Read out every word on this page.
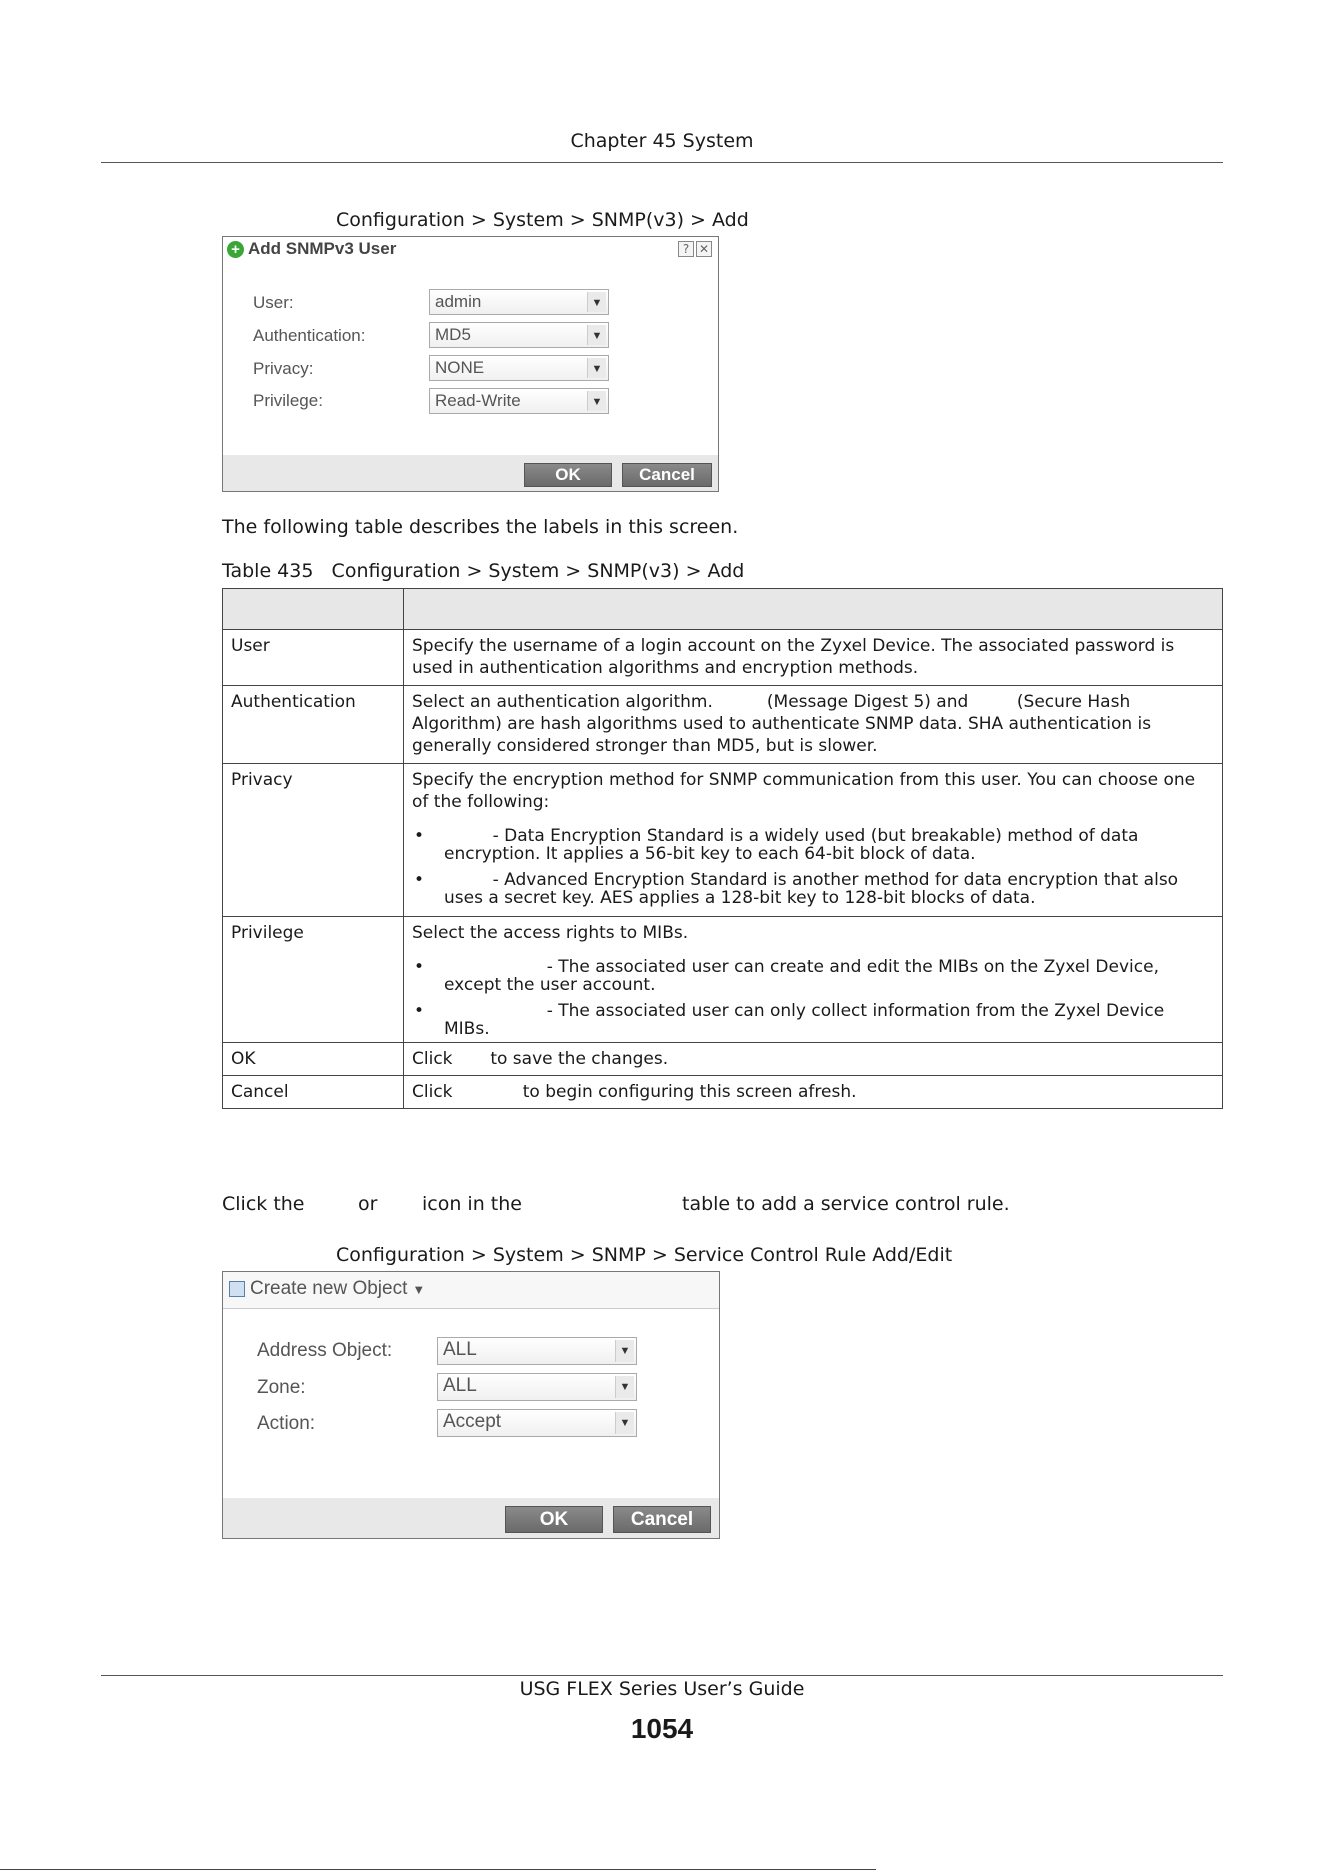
Chapter 45 System
Configuration > System > SNMP(v3) > Add
+ Add SNMPv3 User	? ✕
User:	admin	▼
Authentication:	MD5	▼
Privacy:	NONE	▼
Privilege:	Read-Write	▼
OK	Cancel
The following table describes the labels in this screen.
Table 435   Configuration > System > SNMP(v3) > Add

User	Specify the username of a login account on the Zyxel Device. The associated password is used in authentication algorithms and encryption methods.
Authentication	Select an authentication algorithm.          (Message Digest 5) and         (Secure Hash Algorithm) are hash algorithms used to authenticate SNMP data. SHA authentication is generally considered stronger than MD5, but is slower.
Privacy	Specify the encryption method for SNMP communication from this user. You can choose one of the following:
•          - Data Encryption Standard is a widely used (but breakable) method of data encryption. It applies a 56-bit key to each 64-bit block of data.
•          - Advanced Encryption Standard is another method for data encryption that also uses a secret key. AES applies a 128-bit key to 128-bit blocks of data.

Privilege	Select the access rights to MIBs.
•                    - The associated user can create and edit the MIBs on the Zyxel Device, except the user account.
•                    - The associated user can only collect information from the Zyxel Device MIBs.

OK	Click       to save the changes.
Cancel	Click             to begin configuring this screen afresh.
Click the	or icon in the	table to add a service control rule.
Configuration > System > SNMP > Service Control Rule Add/Edit
Create new Object ▼
Address Object:	ALL	▼
Zone:	ALL	▼
Action:	Accept	▼
OK	Cancel
USG FLEX Series User’s Guide
1054
